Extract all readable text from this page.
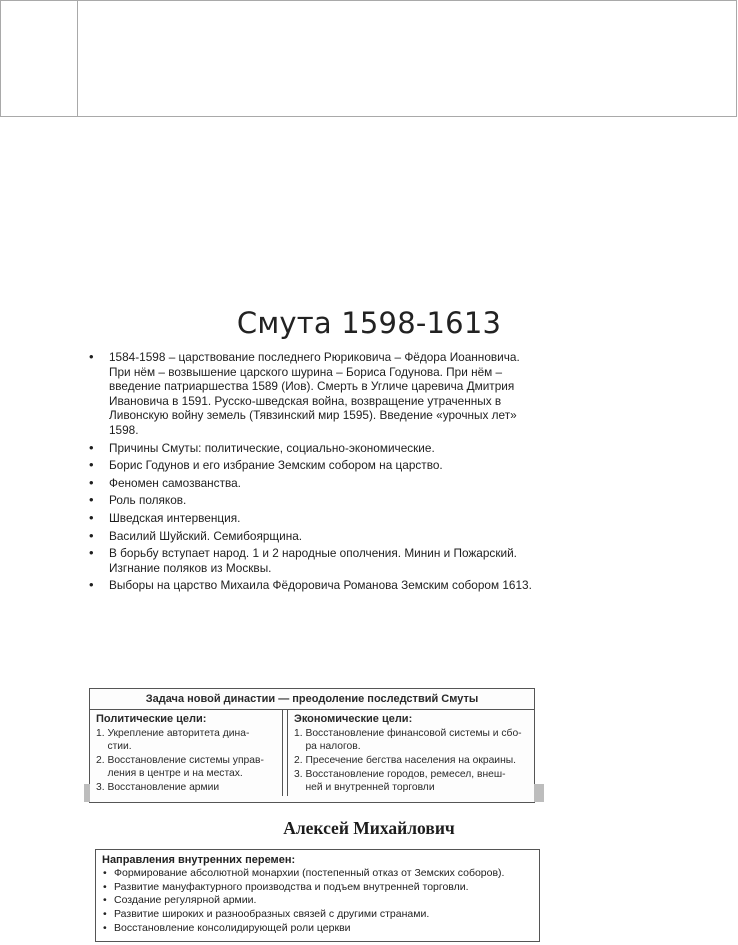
Смута 1598-1613
• 1584-1598 – царствование последнего Рюриковича – Фёдора Иоанновича. При нём – возвышение царского шурина – Бориса Годунова. При нём – введение патриаршества 1589 (Иов). Смерть в Угличе царевича Дмитрия Ивановича в 1591. Русско-шведская война, возвращение утраченных в Ливонскую войну земель (Тявзинский мир 1595). Введение «урочных лет» 1598.
• Причины Смуты: политические, социально-экономические.
• Борис Годунов и его избрание Земским собором на царство.
• Феномен самозванства.
• Роль поляков.
• Шведская интервенция.
• Василий Шуйский. Семибоярщина.
• В борьбу вступает народ. 1 и 2 народные ополчения. Минин и Пожарский. Изгнание поляков из Москвы.
• Выборы на царство Михаила Фёдоровича Романова Земским собором 1613.
Задача новой династии — преодоление последствий Смуты
Политические цели:
1. Укрепление авторитета дина-    стии.
2. Восстановление системы управ-    ления в центре и на местах.
3. Восстановление армии
Экономические цели:
1. Восстановление финансовой системы и сбо-    ра налогов.
2. Пресечение бегства населения на окраины.
3. Восстановление городов, ремесел, внеш-    ней и внутренней торговли
Алексей Михайлович
Направления внутренних перемен:
• Формирование абсолютной монархии (постепенный отказ от Земских соборов).
• Развитие мануфактурного производства и подъем внутренней торговли.
• Создание регулярной армии.
• Развитие широких и разнообразных связей с другими странами.
• Восстановление консолидирующей роли церкви
